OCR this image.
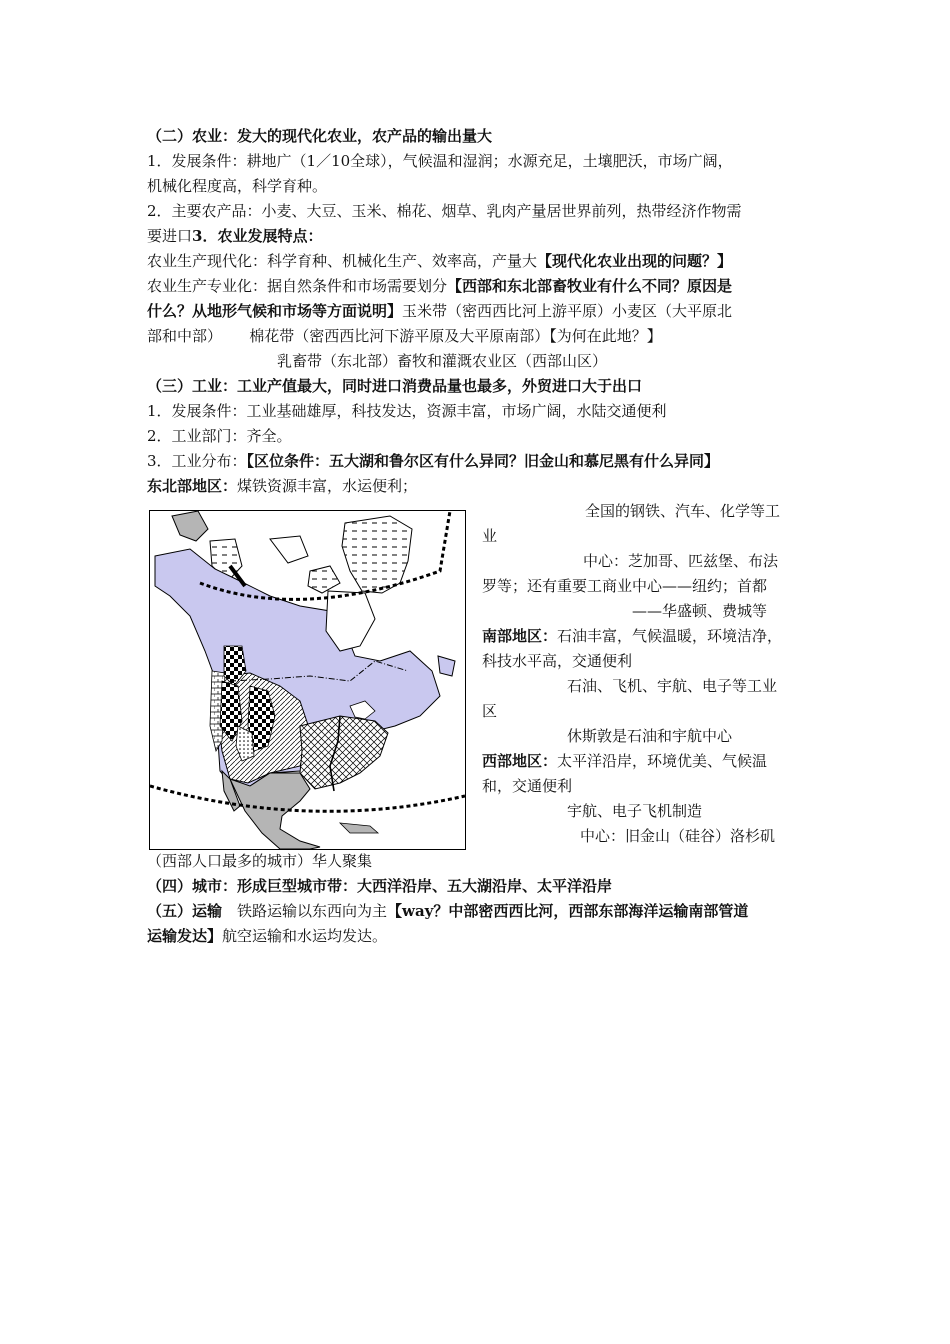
（二）农业：发大的现代化农业，农产品的输出量大
1．发展条件：耕地广（1／10全球），气候温和湿润；水源充足，土壤肥沃，市场广阔，
机械化程度高，科学育种。
2．主要农产品：小麦、大豆、玉米、棉花、烟草、乳肉产量居世界前列，热带经济作物需
要进口3．农业发展特点：
农业生产现代化：科学育种、机械化生产、效率高，产量大【现代化农业出现的问题？】
农业生产专业化：据自然条件和市场需要划分【西部和东北部畜牧业有什么不同？原因是
什么？从地形气候和市场等方面说明】玉米带（密西西比河上游平原）小麦区（大平原北
部和中部）　　 棉花带（密西西比河下游平原及大平原南部）【为何在此地？】
乳畜带（东北部）畜牧和灌溉农业区（西部山区）
（三）工业：工业产值最大，同时进口消费品量也最多，外贸进口大于出口
1．发展条件：工业基础雄厚，科技发达，资源丰富，市场广阔，水陆交通便利
2．工业部门：齐全。
3．工业分布：【区位条件：五大湖和鲁尔区有什么异同？旧金山和慕尼黑有什么异同】
东北部地区：煤铁资源丰富，水运便利；
全国的钢铁、汽车、化学等工
业
中心：芝加哥、匹兹堡、布法
罗等；还有重要工商业中心——纽约；首都
——华盛顿、费城等
南部地区：石油丰富，气候温暖，环境洁净，
科技水平高，交通便利
石油、飞机、宇航、电子等工业
区
休斯敦是石油和宇航中心
西部地区：太平洋沿岸，环境优美、气候温
和，交通便利
宇航、电子飞机制造
中心：旧金山（硅谷）洛杉矶
（西部人口最多的城市）华人聚集
（四）城市：形成巨型城市带：大西洋沿岸、五大湖沿岸、太平洋沿岸
（五）运输　铁路运输以东西向为主【way？中部密西西比河，西部东部海洋运输南部管道
运输发达】航空运输和水运均发达。
